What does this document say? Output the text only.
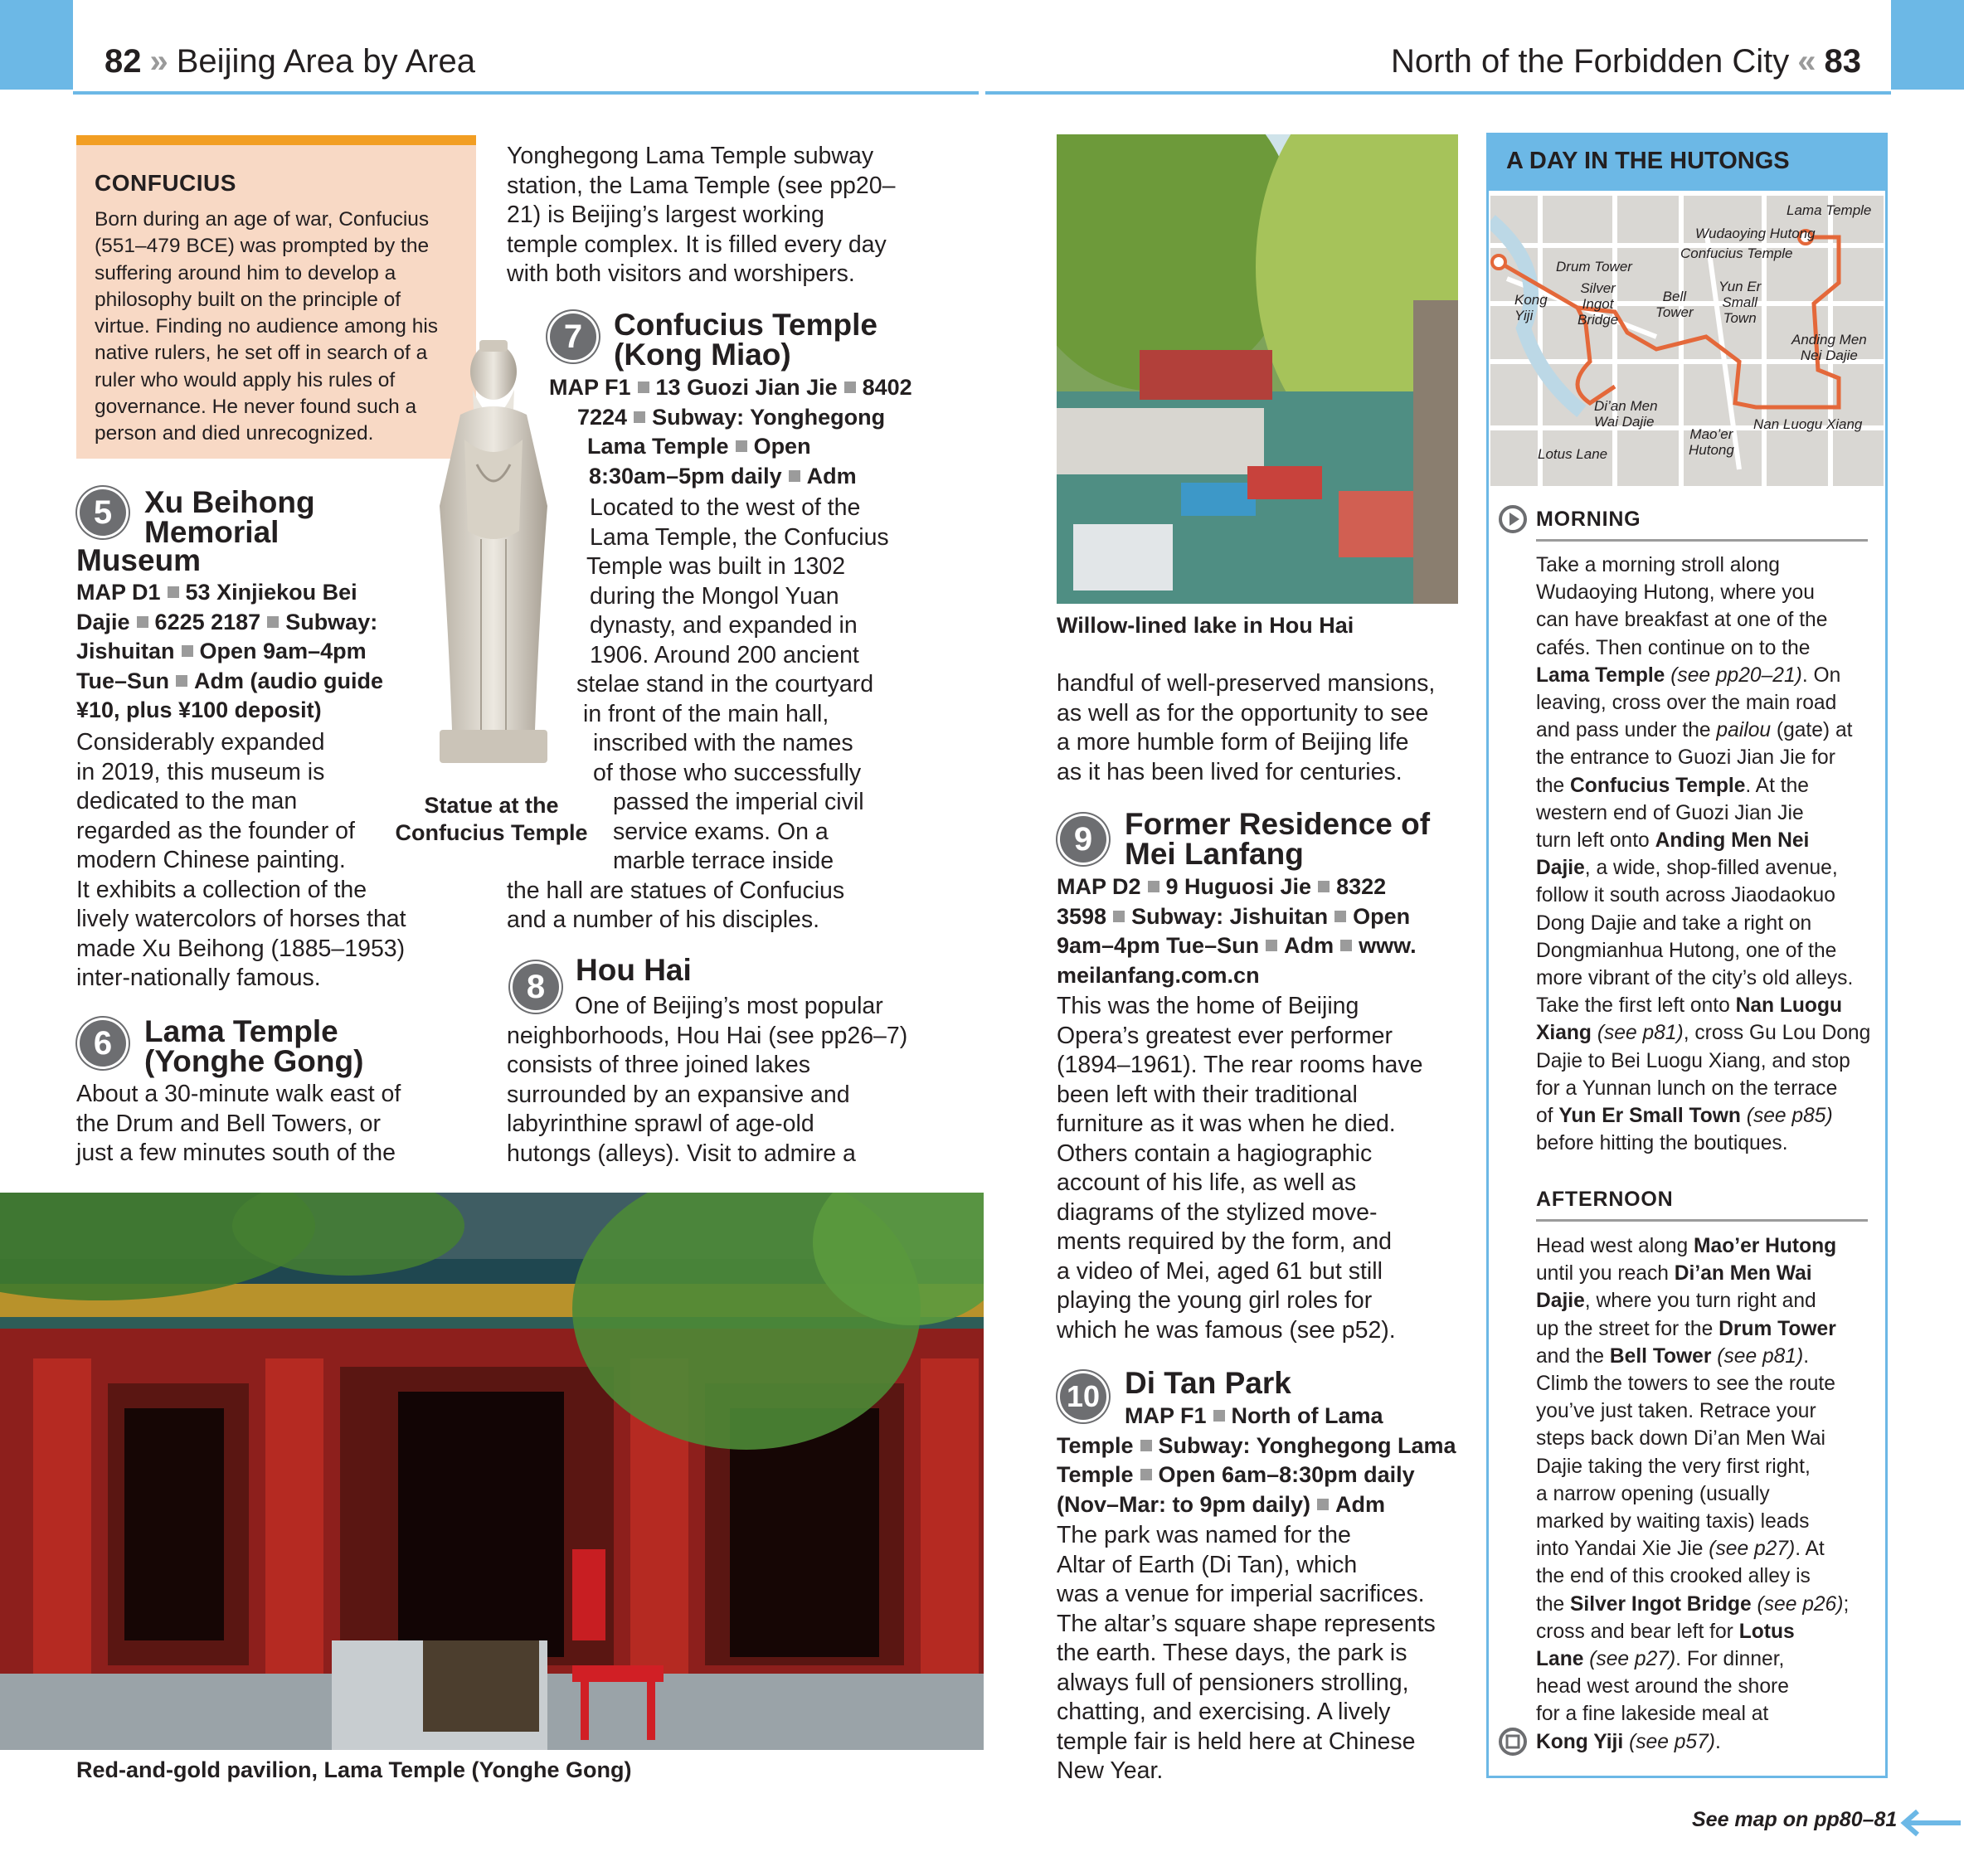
82 » Beijing Area by Area	North of the Forbidden City « 83
CONFUCIUS
Born during an age of war, Confucius (551–479 BCE) was prompted by the suffering around him to develop a philosophy built on the principle of virtue. Finding no audience among his native rulers, he set off in search of a ruler who would apply his rules of governance. He never found such a person and died unrecognized.
Statue at the
Confucius Temple
5	Xu Beihong
Memorial
Museum
MAP D1 53 Xinjiekou Bei
Dajie 6225 2187 Subway:
Jishuitan Open 9am–4pm
Tue–Sun Adm (audio guide
¥10, plus ¥100 deposit)

Considerably expanded

in 2019, this museum is

dedicated to the man

regarded as the founder of

modern Chinese painting.

It exhibits a collection of the

lively watercolors of horses that

made Xu Beihong (1885–1953)

inter-nationally famous.

6	Lama Temple
(Yonghe Gong)

About a 30-minute walk east of

the Drum and Bell Towers, or

just a few minutes south of the

Yonghegong Lama Temple subway

station, the Lama Temple (see pp20–

21) is Beijing’s largest working

temple complex. It is filled every day

with both visitors and worshipers.

7	Confucius Temple
(Kong Miao)
MAP F1 13 Guozi Jian Jie 8402
7224 Subway: Yonghegong
Lama Temple Open
8:30am–5pm daily Adm

Located to the west of the

Lama Temple, the Confucius

Temple was built in 1302

during the Mongol Yuan

dynasty, and expanded in

1906. Around 200 ancient

stelae stand in the courtyard

in front of the main hall,

inscribed with the names

of those who successfully

passed the imperial civil

service exams. On a

marble terrace inside

the hall are statues of Confucius

and a number of his disciples.

8 Hou Hai

One of Beijing’s most popular

neighborhoods, Hou Hai (see pp26–7)

consists of three joined lakes

surrounded by an expansive and

labyrinthine sprawl of age-old

hutongs (alleys). Visit to admire a

Red-and-gold pavilion, Lama Temple (Yonghe Gong)
Willow-lined lake in Hou Hai

handful of well-preserved mansions,

as well as for the opportunity to see

a more humble form of Beijing life

as it has been lived for centuries.

9	Former Residence of
Mei Lanfang
MAP D2 9 Huguosi Jie 8322
3598 Subway: Jishuitan Open
9am–4pm Tue–Sun Adm www.
meilanfang.com.cn

This was the home of Beijing

Opera’s greatest ever performer

(1894–1961). The rear rooms have

been left with their traditional

furniture as it was when he died.

Others contain a hagiographic

account of his life, as well as

diagrams of the stylized move-

ments required by the form, and

a video of Mei, aged 61 but still

playing the young girl roles for

which he was famous (see p52).

10 Di Tan Park
MAP F1 North of Lama
Temple Subway: Yonghegong Lama
Temple Open 6am–8:30pm daily
(Nov–Mar: to 9pm daily) Adm

The park was named for the

Altar of Earth (Di Tan), which

was a venue for imperial sacrifices.

The altar’s square shape represents

the earth. These days, the park is

always full of pensioners strolling,

chatting, and exercising. A lively

temple fair is held here at Chinese

New Year.

A DAY IN THE HUTONGS
Lama Temple
Wudaoying Hutong
Confucius Temple
Drum Tower
Silver
Ingot
Bridge
Bell
Tower
Yun Er
Small
Town
Kong
Yiji
Anding Men
Nei Dajie
Di’an Men
Wai Dajie
Mao’er
Hutong
Nan Luogu Xiang
Lotus Lane
MORNING
Take a morning stroll along
Wudaoying Hutong, where you
can have breakfast at one of the
cafés. Then continue on to the
Lama Temple (see pp20–21). On
leaving, cross over the main road
and pass under the pailou (gate) at
the entrance to Guozi Jian Jie for
the Confucius Temple. At the
western end of Guozi Jian Jie
turn left onto Anding Men Nei
Dajie, a wide, shop-filled avenue,
follow it south across Jiaodaokuo
Dong Dajie and take a right on
Dongmianhua Hutong, one of the
more vibrant of the city’s old alleys.
Take the first left onto Nan Luogu
Xiang (see p81), cross Gu Lou Dong
Dajie to Bei Luogu Xiang, and stop
for a Yunnan lunch on the terrace
of Yun Er Small Town (see p85)
before hitting the boutiques.
AFTERNOON
Head west along Mao’er Hutong
until you reach Di’an Men Wai
Dajie, where you turn right and
up the street for the Drum Tower
and the Bell Tower (see p81).
Climb the towers to see the route
you’ve just taken. Retrace your
steps back down Di’an Men Wai
Dajie taking the very first right,
a narrow opening (usually
marked by waiting taxis) leads
into Yandai Xie Jie (see p27). At
the end of this crooked alley is
the Silver Ingot Bridge (see p26);
cross and bear left for Lotus
Lane (see p27). For dinner,
head west around the shore
for a fine lakeside meal at
Kong Yiji (see p57).
See map on pp80–81
